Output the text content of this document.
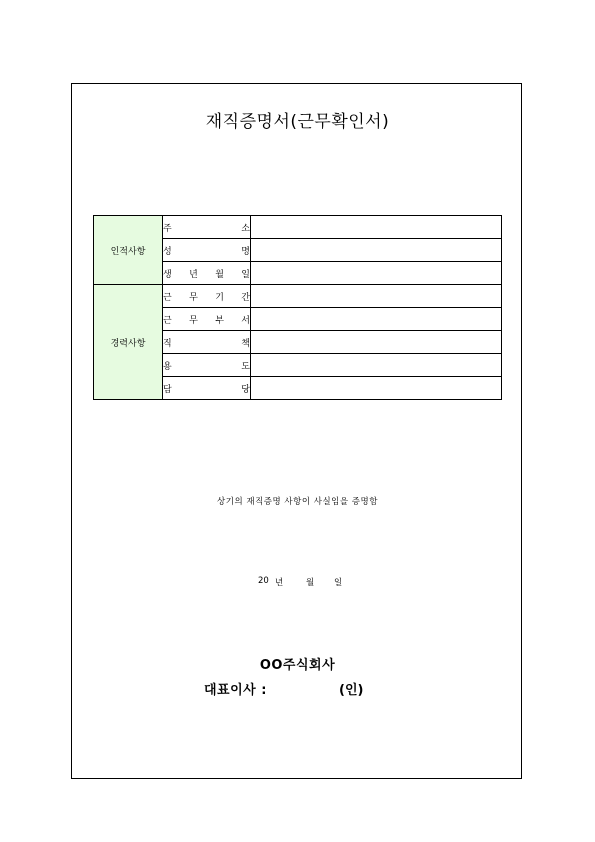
재직증명서(근무확인서)
인적사항	주 소	

	성 명	

	생 년 월 일	

경력사항	근 무 기 간	

	근 무 부 서	

	직 책	

	용 도	

	담 당	

상기의 재직증명 사항이 사실임을 증명함
20 년	월	일
OO주식회사
대표이사 :	(인)
